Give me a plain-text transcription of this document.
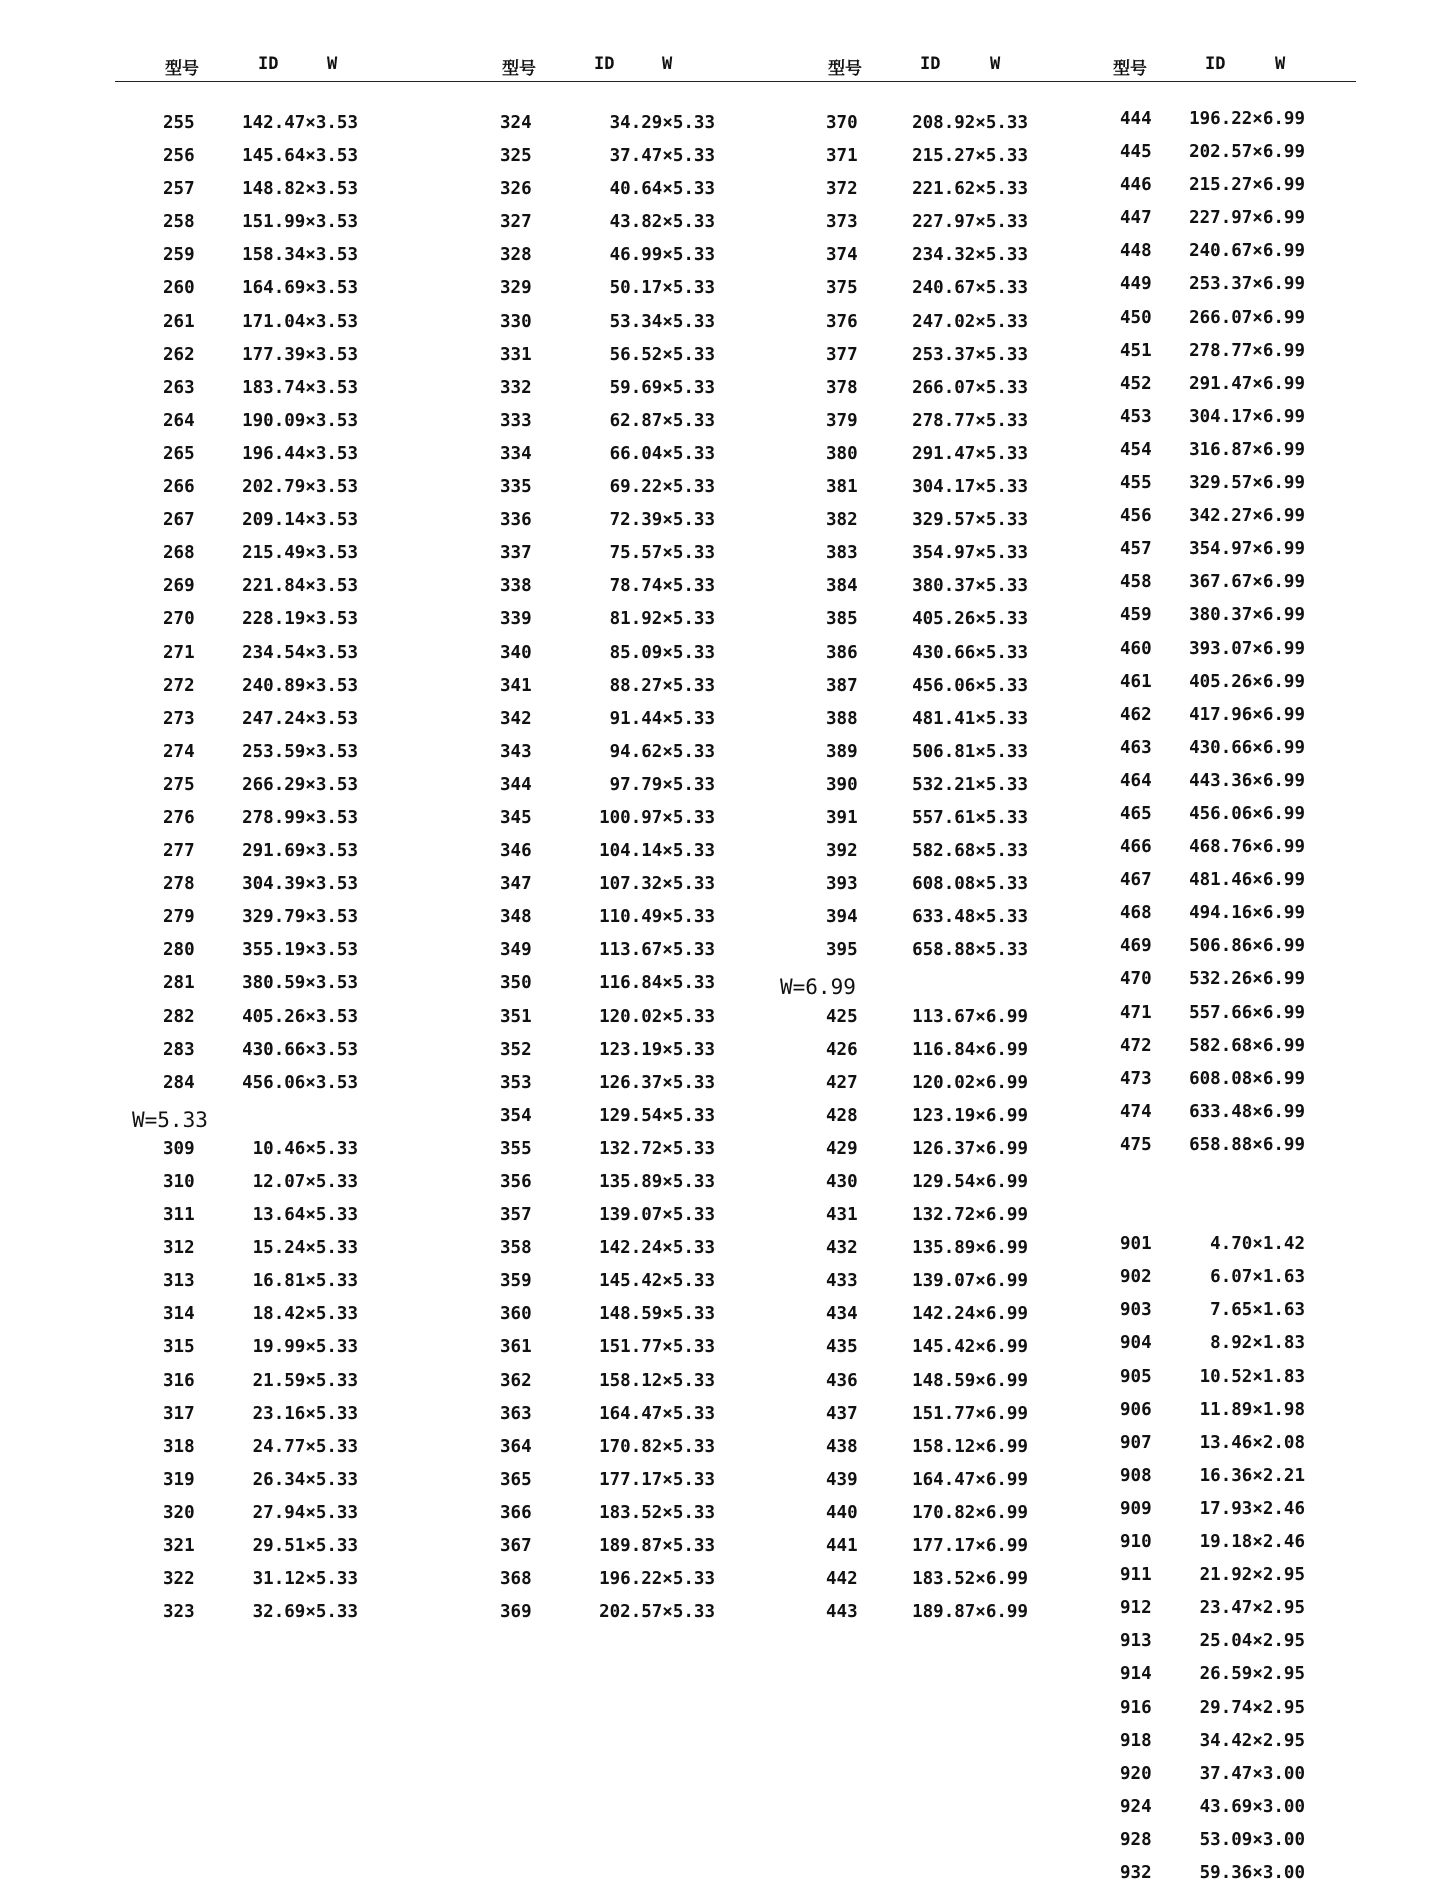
型号	ID	W	型号	ID	W	型号	ID	W	型号	ID	W
255	142.47×3.53
256	145.64×3.53
257	148.82×3.53
258	151.99×3.53
259	158.34×3.53
260	164.69×3.53
261	171.04×3.53
262	177.39×3.53
263	183.74×3.53
264	190.09×3.53
265	196.44×3.53
266	202.79×3.53
267	209.14×3.53
268	215.49×3.53
269	221.84×3.53
270	228.19×3.53
271	234.54×3.53
272	240.89×3.53
273	247.24×3.53
274	253.59×3.53
275	266.29×3.53
276	278.99×3.53
277	291.69×3.53
278	304.39×3.53
279	329.79×3.53
280	355.19×3.53
281	380.59×3.53
282	405.26×3.53
283	430.66×3.53
284	456.06×3.53
W=5.33
309	10.46×5.33
310	12.07×5.33
311	13.64×5.33
312	15.24×5.33
313	16.81×5.33
314	18.42×5.33
315	19.99×5.33
316	21.59×5.33
317	23.16×5.33
318	24.77×5.33
319	26.34×5.33
320	27.94×5.33
321	29.51×5.33
322	31.12×5.33
323	32.69×5.33
324	34.29×5.33
325	37.47×5.33
326	40.64×5.33
327	43.82×5.33
328	46.99×5.33
329	50.17×5.33
330	53.34×5.33
331	56.52×5.33
332	59.69×5.33
333	62.87×5.33
334	66.04×5.33
335	69.22×5.33
336	72.39×5.33
337	75.57×5.33
338	78.74×5.33
339	81.92×5.33
340	85.09×5.33
341	88.27×5.33
342	91.44×5.33
343	94.62×5.33
344	97.79×5.33
345	100.97×5.33
346	104.14×5.33
347	107.32×5.33
348	110.49×5.33
349	113.67×5.33
350	116.84×5.33
351	120.02×5.33
352	123.19×5.33
353	126.37×5.33
354	129.54×5.33
355	132.72×5.33
356	135.89×5.33
357	139.07×5.33
358	142.24×5.33
359	145.42×5.33
360	148.59×5.33
361	151.77×5.33
362	158.12×5.33
363	164.47×5.33
364	170.82×5.33
365	177.17×5.33
366	183.52×5.33
367	189.87×5.33
368	196.22×5.33
369	202.57×5.33
370	208.92×5.33
371	215.27×5.33
372	221.62×5.33
373	227.97×5.33
374	234.32×5.33
375	240.67×5.33
376	247.02×5.33
377	253.37×5.33
378	266.07×5.33
379	278.77×5.33
380	291.47×5.33
381	304.17×5.33
382	329.57×5.33
383	354.97×5.33
384	380.37×5.33
385	405.26×5.33
386	430.66×5.33
387	456.06×5.33
388	481.41×5.33
389	506.81×5.33
390	532.21×5.33
391	557.61×5.33
392	582.68×5.33
393	608.08×5.33
394	633.48×5.33
395	658.88×5.33
W=6.99
425	113.67×6.99
426	116.84×6.99
427	120.02×6.99
428	123.19×6.99
429	126.37×6.99
430	129.54×6.99
431	132.72×6.99
432	135.89×6.99
433	139.07×6.99
434	142.24×6.99
435	145.42×6.99
436	148.59×6.99
437	151.77×6.99
438	158.12×6.99
439	164.47×6.99
440	170.82×6.99
441	177.17×6.99
442	183.52×6.99
443	189.87×6.99
444 196.22×6.99
445 202.57×6.99
446 215.27×6.99
447 227.97×6.99
448 240.67×6.99
449 253.37×6.99
450 266.07×6.99
451 278.77×6.99
452 291.47×6.99
453 304.17×6.99
454 316.87×6.99
455 329.57×6.99
456 342.27×6.99
457 354.97×6.99
458 367.67×6.99
459 380.37×6.99
460 393.07×6.99
461 405.26×6.99
462 417.96×6.99
463 430.66×6.99
464 443.36×6.99
465 456.06×6.99
466 468.76×6.99
467 481.46×6.99
468 494.16×6.99
469 506.86×6.99
470 532.26×6.99
471 557.66×6.99
472 582.68×6.99
473 608.08×6.99
474 633.48×6.99
475 658.88×6.99
901	4.70×1.42
902	6.07×1.63
903	7.65×1.63
904	8.92×1.83
905	10.52×1.83
906	11.89×1.98
907	13.46×2.08
908	16.36×2.21
909	17.93×2.46
910	19.18×2.46
911	21.92×2.95
912	23.47×2.95
913	25.04×2.95
914	26.59×2.95
916	29.74×2.95
918	34.42×2.95
920	37.47×3.00
924	43.69×3.00
928	53.09×3.00
932	59.36×3.00
